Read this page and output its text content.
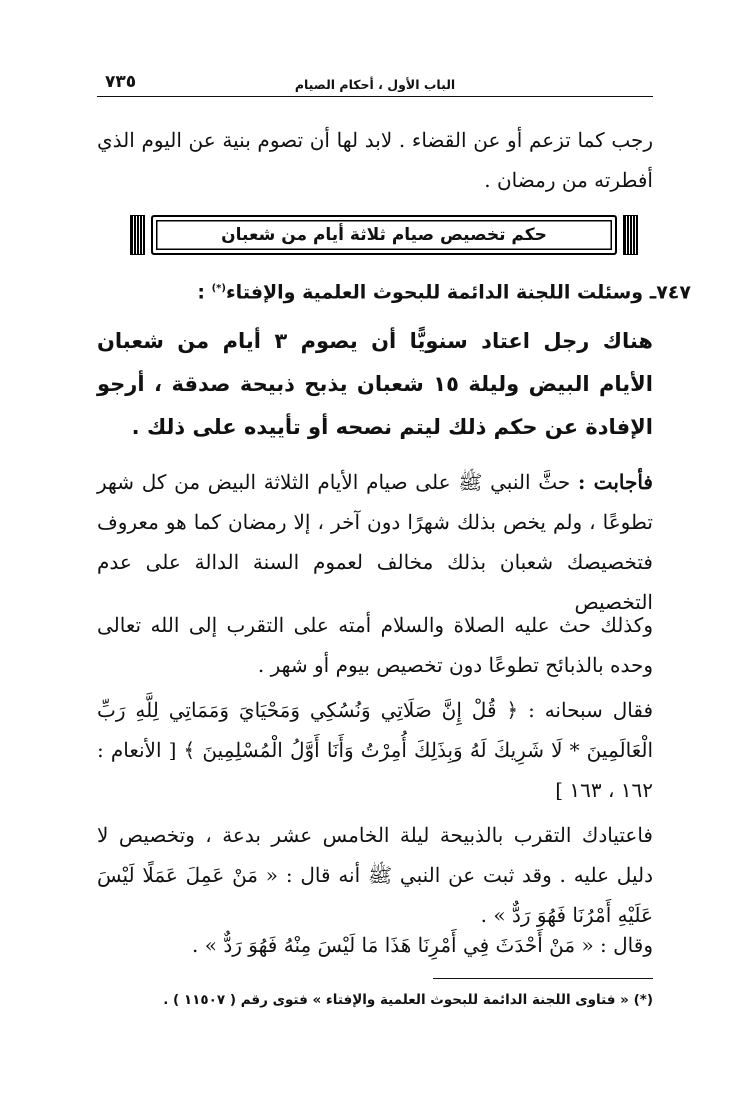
الباب الأول ، أحكام الصيام
٧٣٥
رجب كما تزعم أو عن القضاء . لابد لها أن تصوم بنية عن اليوم الذي أفطرته من رمضان .
حكم تخصيص صيام ثلاثة أيام من شعبان
٧٤٧ـ وسئلت اللجنة الدائمة للبحوث العلمية والإفتاء(*) :
هناك رجل اعتاد سنويًّا أن يصوم ٣ أيام من شعبان الأيام البيض وليلة ١٥ شعبان يذبح ذبيحة صدقة ، أرجو الإفادة عن حكم ذلك ليتم نصحه أو تأييده على ذلك .
فأجابت : حثَّ النبي ﷺ على صيام الأيام الثلاثة البيض من كل شهر تطوعًا ، ولم يخص بذلك شهرًا دون آخر ، إلا رمضان كما هو معروف فتخصيصك شعبان بذلك مخالف لعموم السنة الدالة على عدم التخصيص
وكذلك حث عليه الصلاة والسلام أمته على التقرب إلى الله تعالى وحده بالذبائح تطوعًا دون تخصيص بيوم أو شهر .
فقال سبحانه : ﴿ قُلْ إِنَّ صَلَاتِي وَنُسُكِي وَمَحْيَايَ وَمَمَاتِي لِلَّهِ رَبِّ الْعَالَمِينَ * لَا شَرِيكَ لَهُ وَبِذَلِكَ أُمِرْتُ وَأَنَا أَوَّلُ الْمُسْلِمِينَ ﴾ [ الأنعام : ١٦٢ ، ١٦٣ ]
فاعتيادك التقرب بالذبيحة ليلة الخامس عشر بدعة ، وتخصيص لا دليل عليه . وقد ثبت عن النبي ﷺ أنه قال : « مَنْ عَمِلَ عَمَلًا لَيْسَ عَلَيْهِ أَمْرُنَا فَهُوَ رَدٌّ » .
وقال : « مَنْ أَحْدَثَ فِي أَمْرِنَا هَذَا مَا لَيْسَ مِنْهُ فَهُوَ رَدٌّ » .
(*) « فتاوى اللجنة الدائمة للبحوث العلمية والإفتاء » فتوى رقم ( ١١٥٠٧ ) .
